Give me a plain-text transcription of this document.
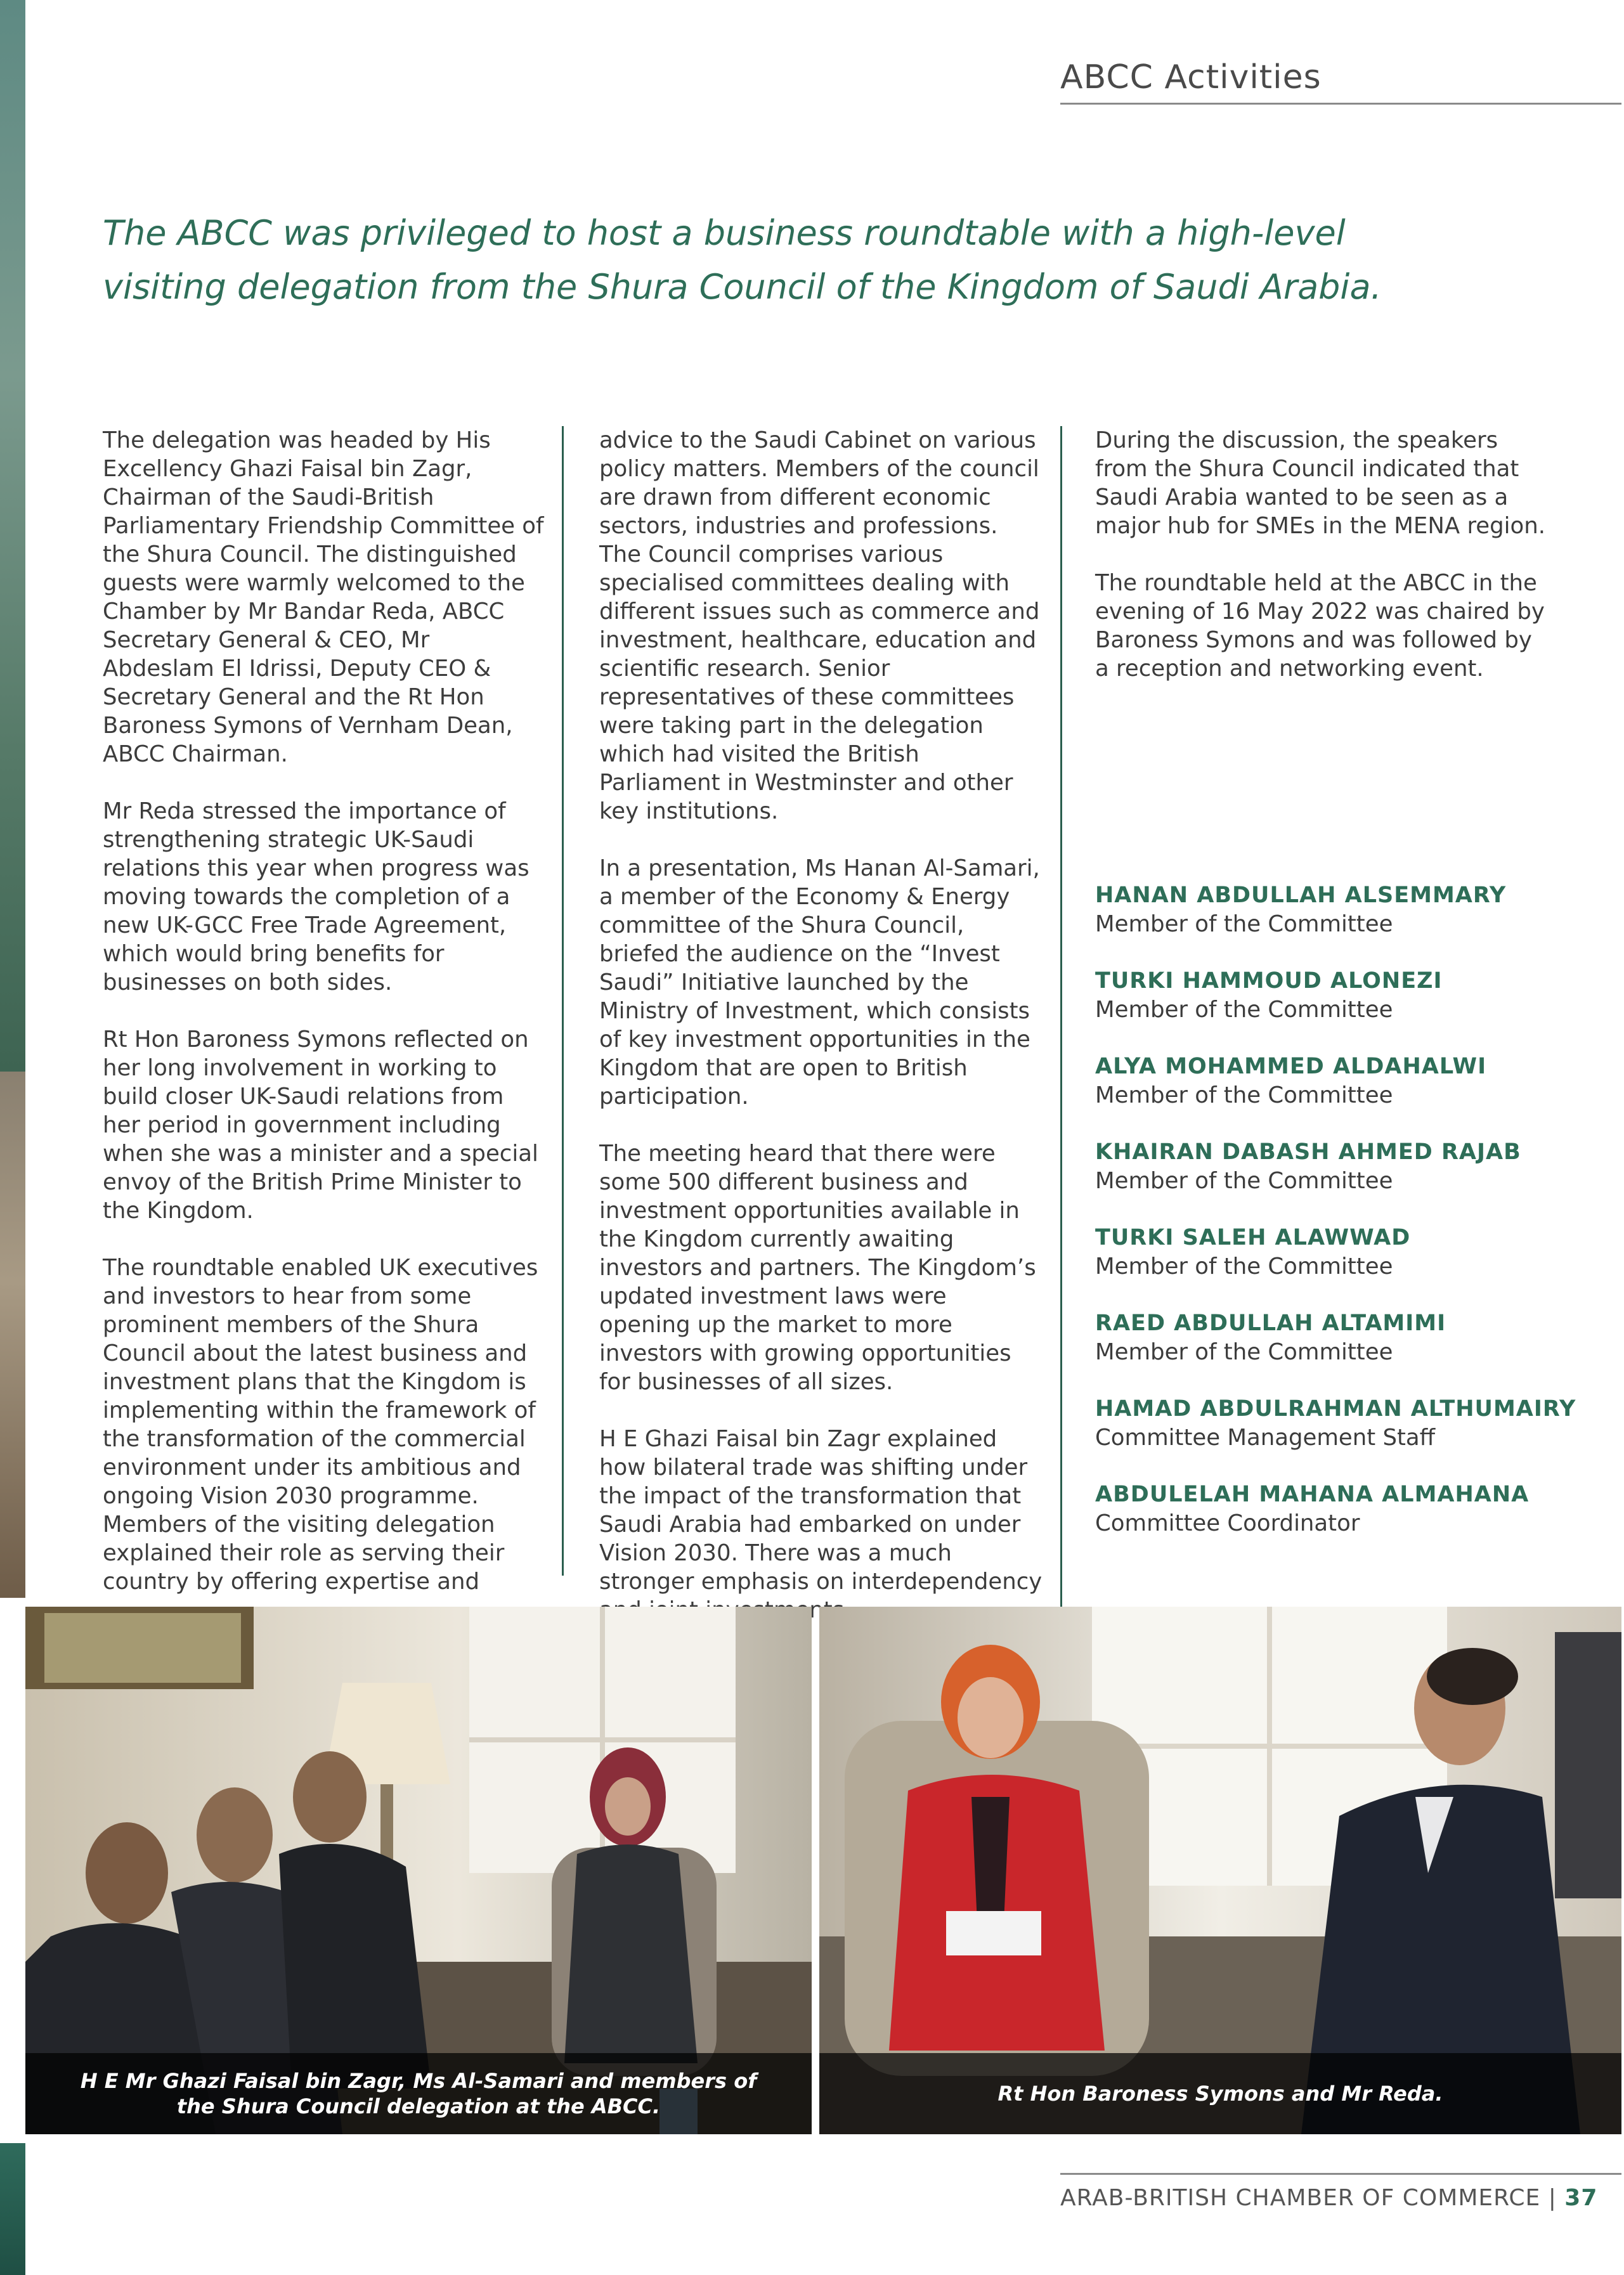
ABCC Activities
The ABCC was privileged to host a business roundtable with a high-level visiting delegation from the Shura Council of the Kingdom of Saudi Arabia.

The delegation was headed by His Excellency Ghazi Faisal bin Zagr, Chairman of the Saudi-British Parliamentary Friendship Committee of the Shura Council. The distinguished guests were warmly welcomed to the Chamber by Mr Bandar Reda, ABCC Secretary General & CEO, Mr Abdeslam El Idrissi, Deputy CEO & Secretary General and the Rt Hon Baroness Symons of Vernham Dean, ABCC Chairman.

Mr Reda stressed the importance of strengthening strategic UK-Saudi relations this year when progress was moving towards the completion of a new UK-GCC Free Trade Agreement, which would bring benefits for businesses on both sides.

Rt Hon Baroness Symons reflected on her long involvement in working to build closer UK-Saudi relations from her period in government including when she was a minister and a special envoy of the British Prime Minister to the Kingdom.

The roundtable enabled UK executives and investors to hear from some prominent members of the Shura Council about the latest business and investment plans that the Kingdom is implementing within the framework of the transformation of the commercial environment under its ambitious and ongoing Vision 2030 programme. Members of the visiting delegation explained their role as serving their country by offering expertise and

advice to the Saudi Cabinet on various policy matters. Members of the council are drawn from different economic sectors, industries and professions. The Council comprises various specialised committees dealing with different issues such as commerce and investment, healthcare, education and scientific research. Senior representatives of these committees were taking part in the delegation which had visited the British Parliament in Westminster and other key institutions.

In a presentation, Ms Hanan Al-Samari, a member of the Economy & Energy committee of the Shura Council, briefed the audience on the “Invest Saudi” Initiative launched by the Ministry of Investment, which consists of key investment opportunities in the Kingdom that are open to British participation.

The meeting heard that there were some 500 different business and investment opportunities available in the Kingdom currently awaiting investors and partners. The Kingdom’s updated investment laws were opening up the market to more investors with growing opportunities for businesses of all sizes.

H E Ghazi Faisal bin Zagr explained how bilateral trade was shifting under the impact of the transformation that Saudi Arabia had embarked on under Vision 2030. There was a much stronger emphasis on interdependency

During the discussion, the speakers from the Shura Council indicated that Saudi Arabia wanted to be seen as a major hub for SMEs in the MENA region.

The roundtable held at the ABCC in the evening of 16 May 2022 was chaired by Baroness Symons and was followed by a reception and networking event.

HANAN ABDULLAH ALSEMMARY
Member of the Committee
TURKI HAMMOUD ALONEZI
Member of the Committee
ALYA MOHAMMED ALDAHALWI
Member of the Committee
KHAIRAN DABASH AHMED RAJAB
Member of the Committee
TURKI SALEH ALAWWAD
Member of the Committee
RAED ABDULLAH ALTAMIMI
Member of the Committee
HAMAD ABDULRAHMAN ALTHUMAIRY
Committee Management Staff
ABDULELAH MAHANA ALMAHANA
Committee Coordinator
H E Mr Ghazi Faisal bin Zagr, Ms Al-Samari and members of
the Shura Council delegation at the ABCC.
Rt Hon Baroness Symons and Mr Reda.
ARAB-BRITISH CHAMBER OF COMMERCE | 37
